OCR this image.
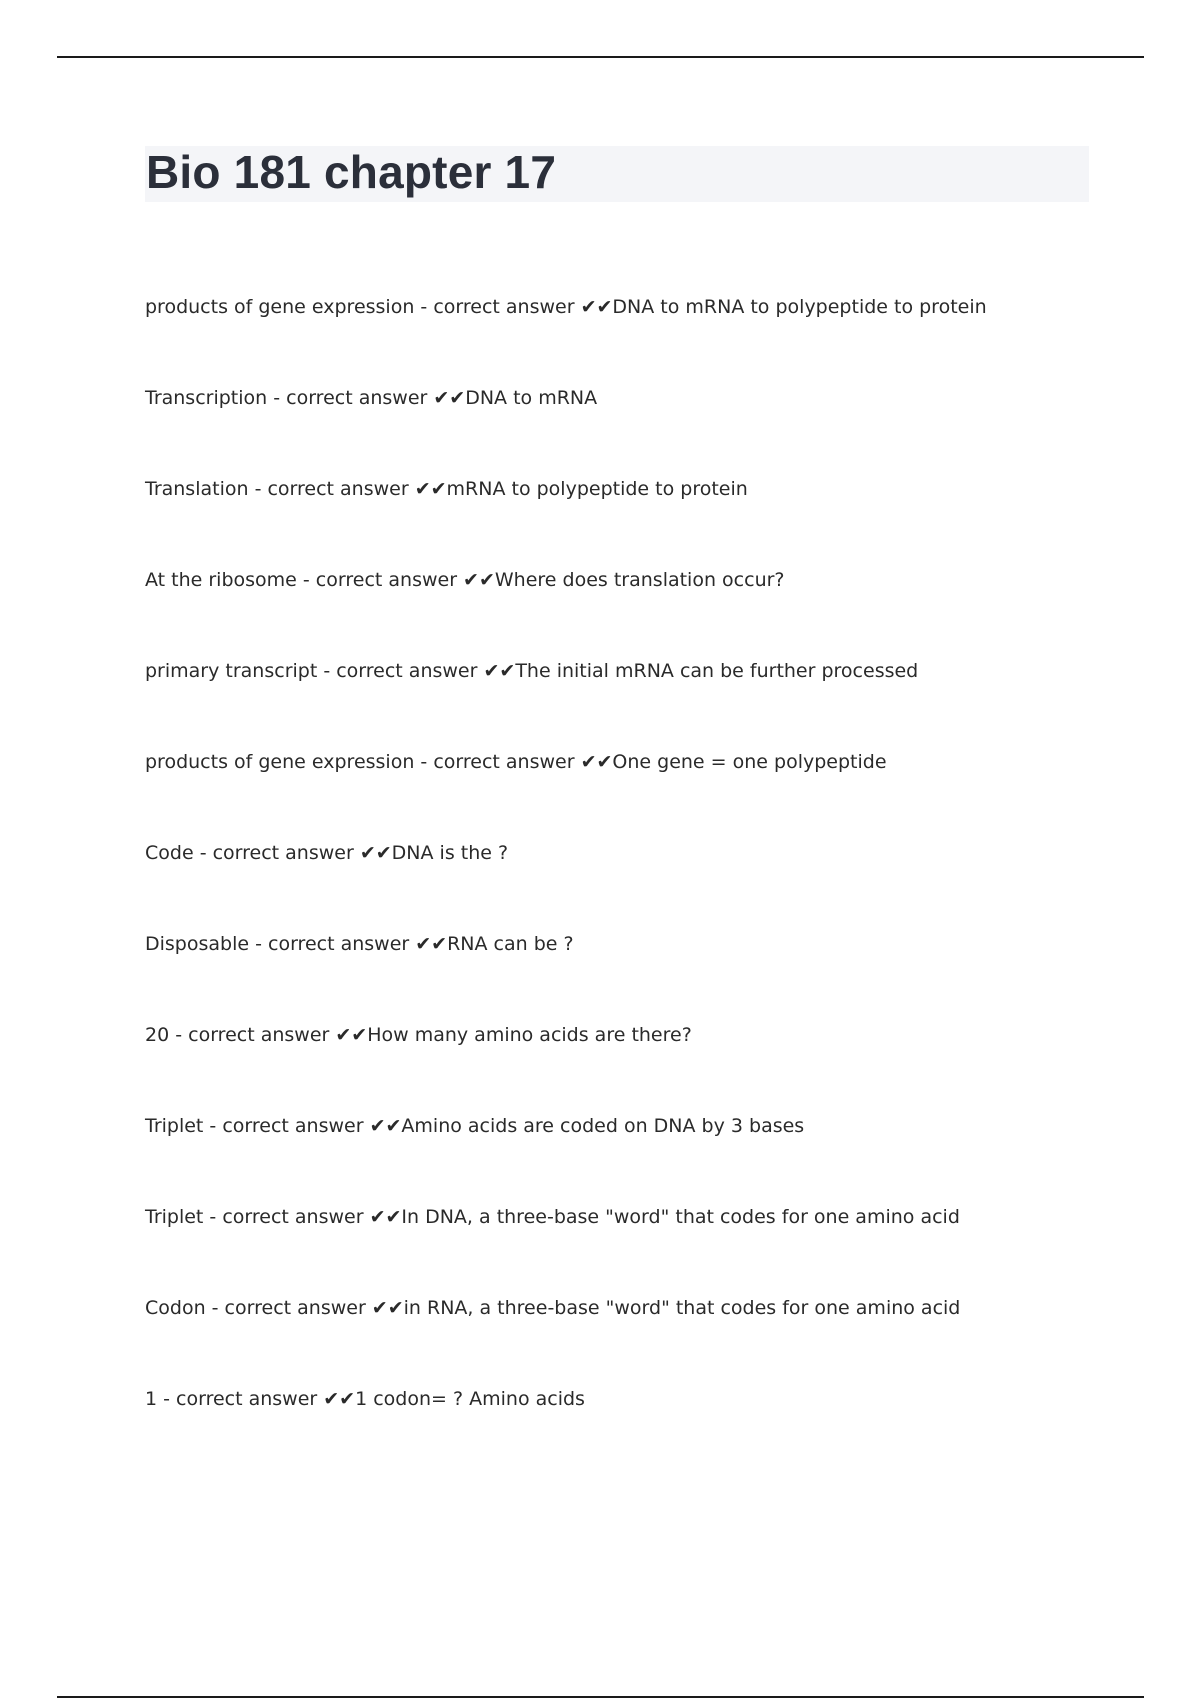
Bio 181 chapter 17
products of gene expression - correct answer ✔✔DNA to mRNA to polypeptide to protein
Transcription - correct answer ✔✔DNA to mRNA
Translation - correct answer ✔✔mRNA to polypeptide to protein
At the ribosome - correct answer ✔✔Where does translation occur?
primary transcript - correct answer ✔✔The initial mRNA can be further processed
products of gene expression - correct answer ✔✔One gene = one polypeptide
Code - correct answer ✔✔DNA is the ?
Disposable - correct answer ✔✔RNA can be ?
20 - correct answer ✔✔How many amino acids are there?
Triplet - correct answer ✔✔Amino acids are coded on DNA by 3 bases
Triplet - correct answer ✔✔In DNA, a three-base "word" that codes for one amino acid
Codon - correct answer ✔✔in RNA, a three-base "word" that codes for one amino acid
1 - correct answer ✔✔1 codon= ? Amino acids
